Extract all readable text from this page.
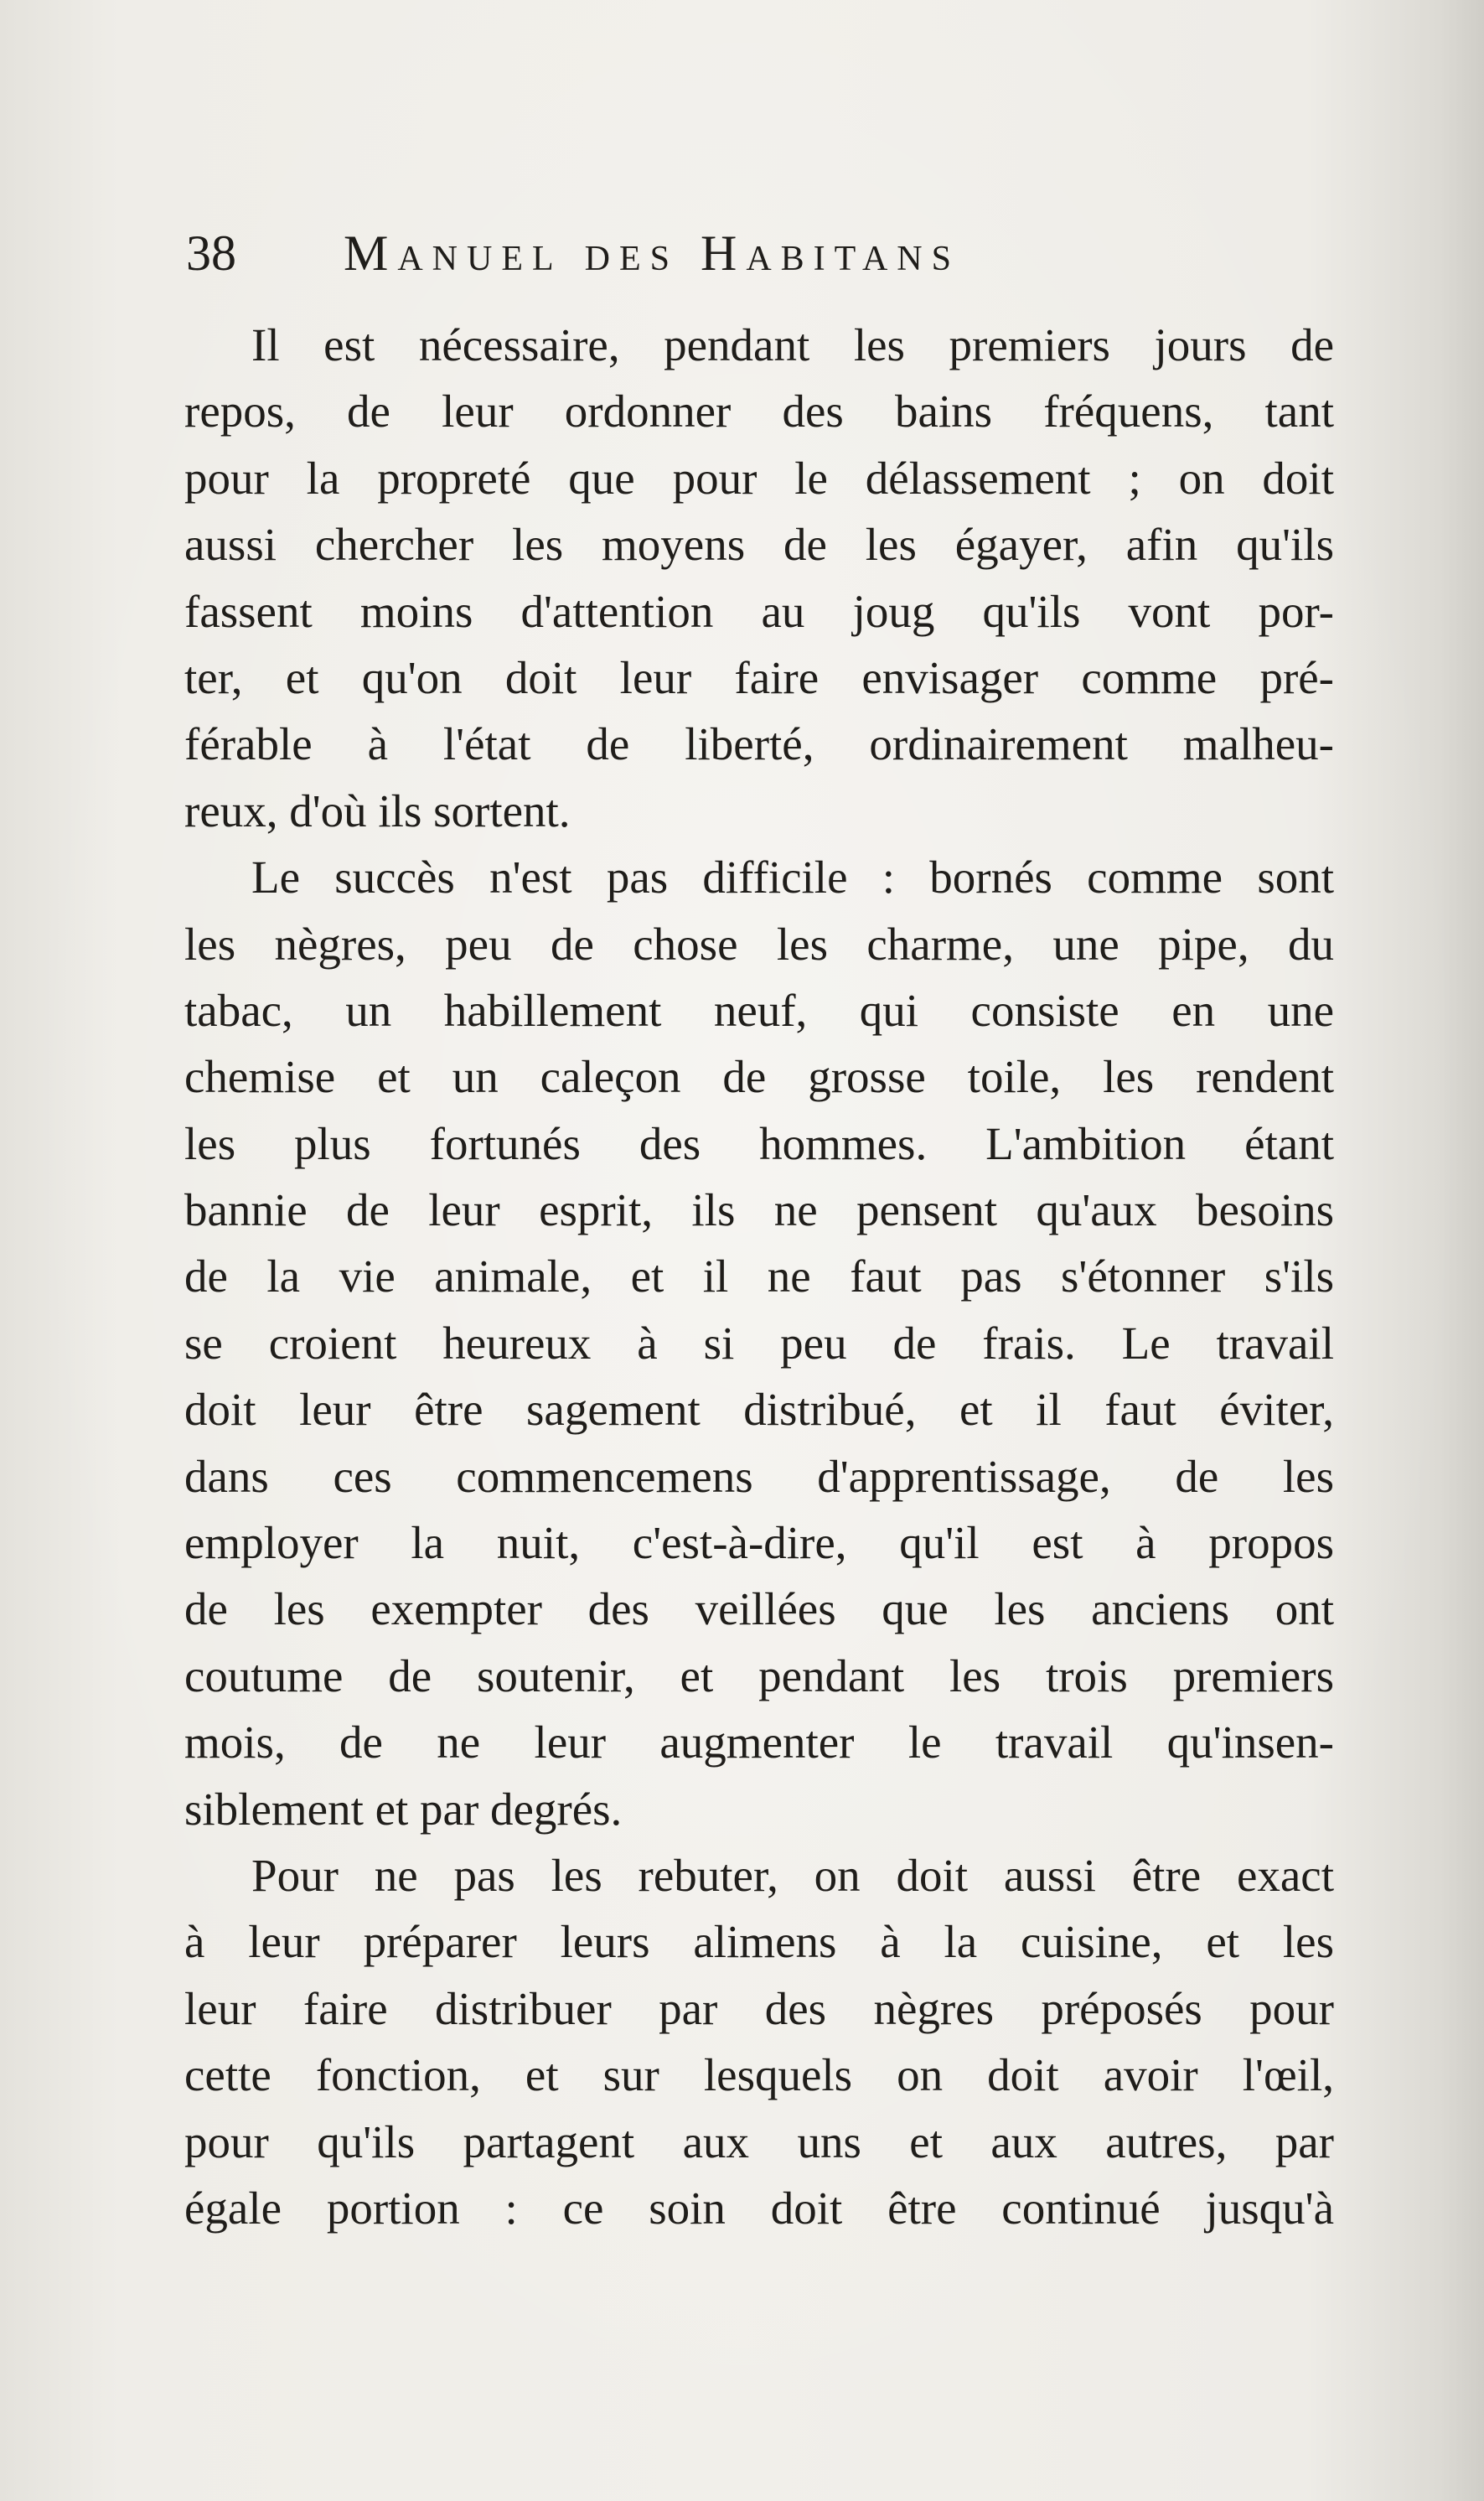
38 Manuel des Habitans
Il est nécessaire, pendant les premiers jours de
repos, de leur ordonner des bains fréquens, tant
pour la propreté que pour le délassement ; on doit
aussi chercher les moyens de les égayer, afin qu'ils
fassent moins d'attention au joug qu'ils vont por-
ter, et qu'on doit leur faire envisager comme pré-
férable à l'état de liberté, ordinairement malheu-
reux, d'où ils sortent.
Le succès n'est pas difficile : bornés comme sont
les nègres, peu de chose les charme, une pipe, du
tabac, un habillement neuf, qui consiste en une
chemise et un caleçon de grosse toile, les rendent
les plus fortunés des hommes. L'ambition étant
bannie de leur esprit, ils ne pensent qu'aux besoins
de la vie animale, et il ne faut pas s'étonner s'ils
se croient heureux à si peu de frais. Le travail
doit leur être sagement distribué, et il faut éviter,
dans ces commencemens d'apprentissage, de les
employer la nuit, c'est-à-dire, qu'il est à propos
de les exempter des veillées que les anciens ont
coutume de soutenir, et pendant les trois premiers
mois, de ne leur augmenter le travail qu'insen-
siblement et par degrés.
Pour ne pas les rebuter, on doit aussi être exact
à leur préparer leurs alimens à la cuisine, et les
leur faire distribuer par des nègres préposés pour
cette fonction, et sur lesquels on doit avoir l'œil,
pour qu'ils partagent aux uns et aux autres, par
égale portion : ce soin doit être continué jusqu'à
